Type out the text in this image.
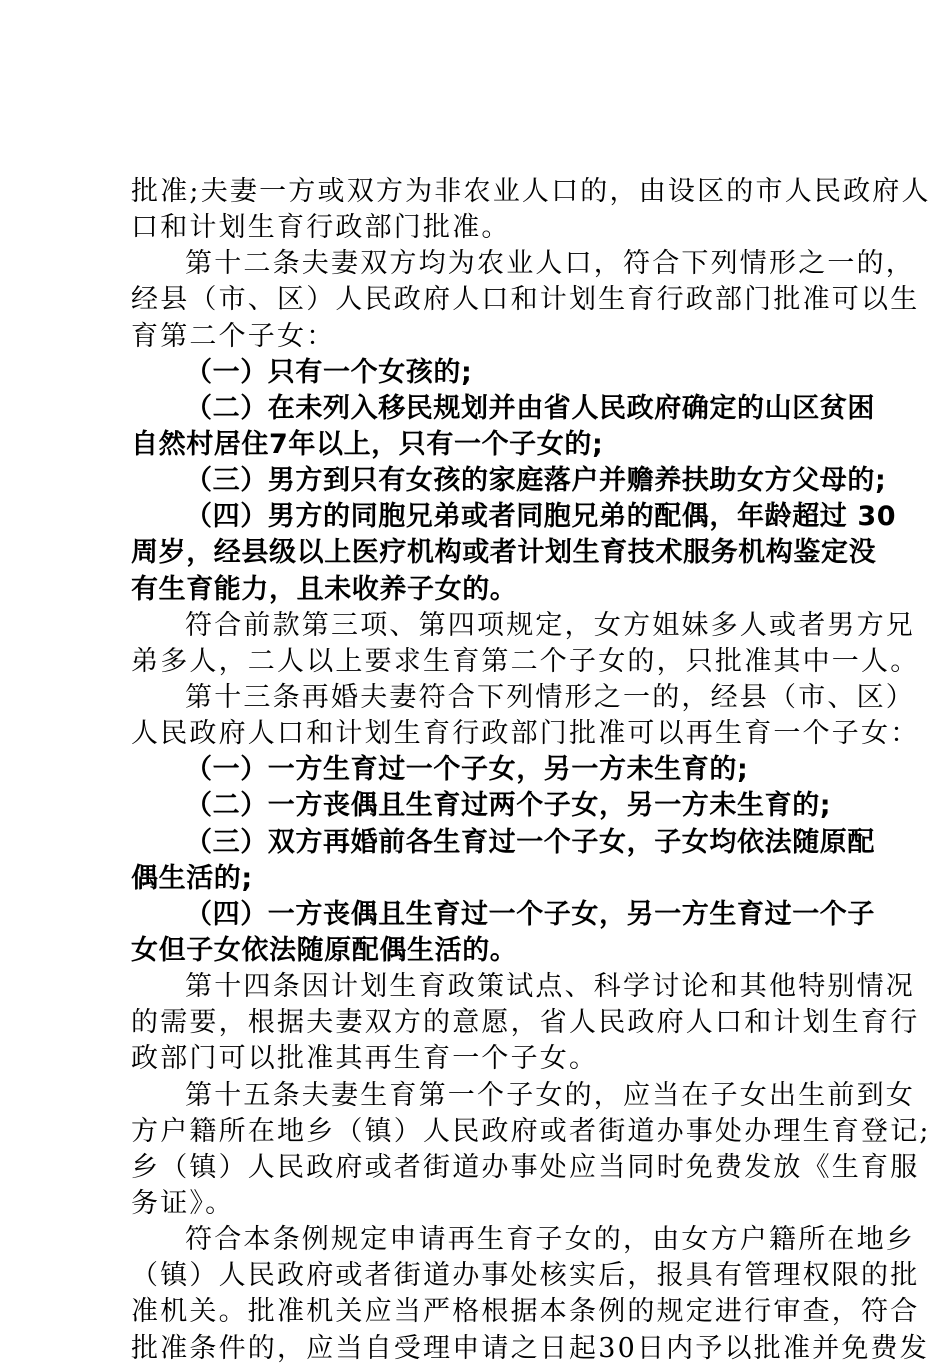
批准;夫妻一方或双方为非农业人口的，由设区的市人民政府人
口和计划生育行政部门批准。
第十二条夫妻双方均为农业人口，符合下列情形之一的，
经县（市、区）人民政府人口和计划生育行政部门批准可以生
育第二个子女：
（一）只有一个女孩的;
（二）在未列入移民规划并由省人民政府确定的山区贫困
自然村居住7年以上，只有一个子女的;
（三）男方到只有女孩的家庭落户并赡养扶助女方父母的;
（四）男方的同胞兄弟或者同胞兄弟的配偶，年龄超过 30
周岁，经县级以上医疗机构或者计划生育技术服务机构鉴定没
有生育能力，且未收养子女的。
符合前款第三项、第四项规定，女方姐妹多人或者男方兄
弟多人，二人以上要求生育第二个子女的，只批准其中一人。
第十三条再婚夫妻符合下列情形之一的，经县（市、区）
人民政府人口和计划生育行政部门批准可以再生育一个子女：
（一）一方生育过一个子女，另一方未生育的;
（二）一方丧偶且生育过两个子女，另一方未生育的;
（三）双方再婚前各生育过一个子女，子女均依法随原配
偶生活的;
（四）一方丧偶且生育过一个子女，另一方生育过一个子
女但子女依法随原配偶生活的。
第十四条因计划生育政策试点、科学讨论和其他特别情况
的需要，根据夫妻双方的意愿，省人民政府人口和计划生育行
政部门可以批准其再生育一个子女。
第十五条夫妻生育第一个子女的，应当在子女出生前到女
方户籍所在地乡（镇）人民政府或者街道办事处办理生育登记;
乡（镇）人民政府或者街道办事处应当同时免费发放《生育服
务证》。
符合本条例规定申请再生育子女的，由女方户籍所在地乡
（镇）人民政府或者街道办事处核实后，报具有管理权限的批
准机关。批准机关应当严格根据本条例的规定进行审查，符合
批准条件的，应当自受理申请之日起30日内予以批准并免费发
